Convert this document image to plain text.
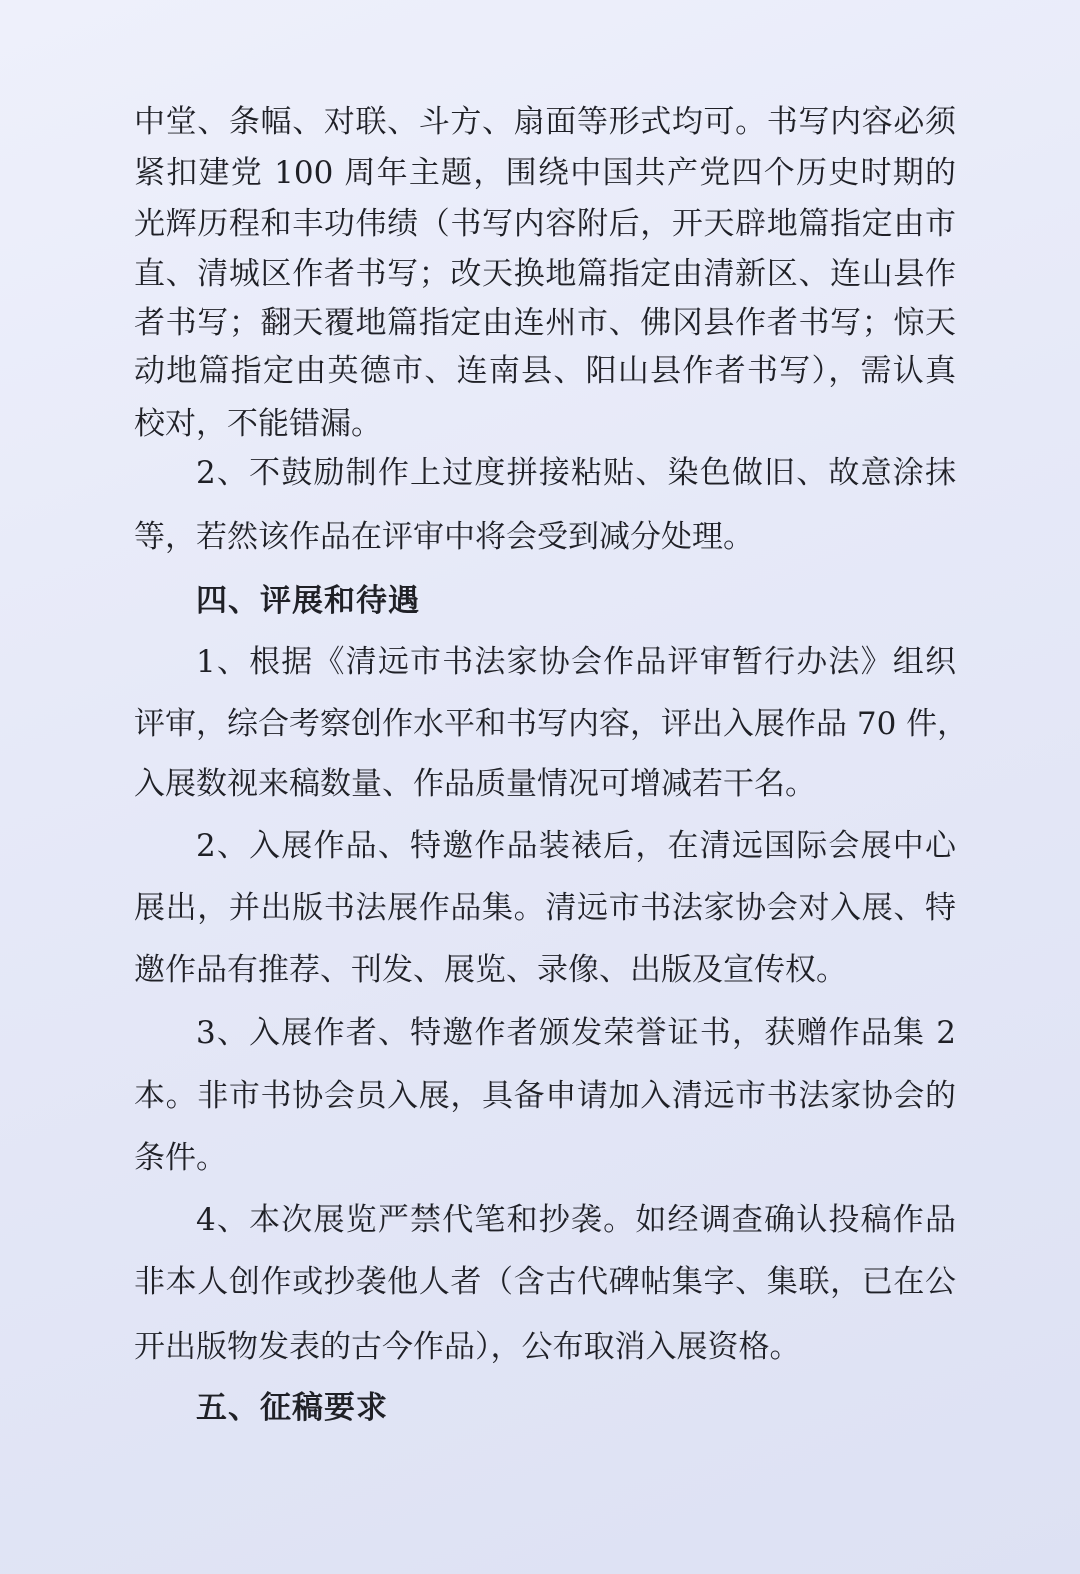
中堂、条幅、对联、斗方、扇面等形式均可。书写内容必须
紧扣建党 100 周年主题，围绕中国共产党四个历史时期的
光辉历程和丰功伟绩（书写内容附后，开天辟地篇指定由市
直、清城区作者书写；改天换地篇指定由清新区、连山县作
者书写；翻天覆地篇指定由连州市、佛冈县作者书写；惊天
动地篇指定由英德市、连南县、阳山县作者书写），需认真
校对，不能错漏。
2、不鼓励制作上过度拼接粘贴、染色做旧、故意涂抹
等，若然该作品在评审中将会受到减分处理。
四、评展和待遇
1、根据《清远市书法家协会作品评审暂行办法》组织
评审，综合考察创作水平和书写内容，评出入展作品 70 件，
入展数视来稿数量、作品质量情况可增减若干名。
2、入展作品、特邀作品装裱后，在清远国际会展中心
展出，并出版书法展作品集。清远市书法家协会对入展、特
邀作品有推荐、刊发、展览、录像、出版及宣传权。
3、入展作者、特邀作者颁发荣誉证书，获赠作品集 2
本。非市书协会员入展，具备申请加入清远市书法家协会的
条件。
4、本次展览严禁代笔和抄袭。如经调查确认投稿作品
非本人创作或抄袭他人者（含古代碑帖集字、集联，已在公
开出版物发表的古今作品），公布取消入展资格。
五、征稿要求
